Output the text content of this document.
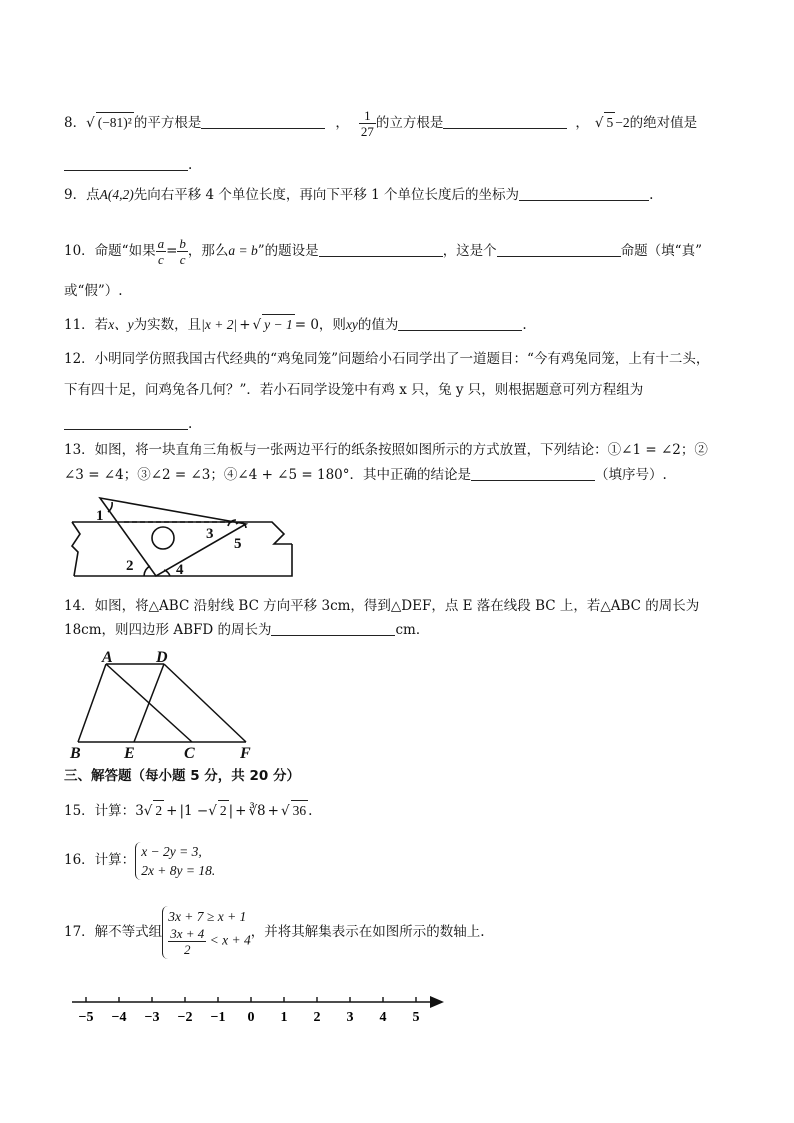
8．√ (−81)² 的平方根是	， $\frac{1}{27}$ 的立方根是	， √ 5 −2的绝对值是
.
9．点A(4,2)先向右平移 4 个单位长度，再向下平移 1 个单位长度后的坐标为	.
10．命题“如果 $\frac{a}{c} = \frac{b}{c}$ ，那么a = b”的题设是	，这是个	命题（填“真”
或“假”）.
11．若x、y为实数，且|x + 2| + √ y − 1 = 0，则xy的值为	.
12．小明同学仿照我国古代经典的“鸡兔同笼”问题给小石同学出了一道题目：“今有鸡兔同笼，上有十二头，
下有四十足，问鸡兔各几何？”．若小石同学设笼中有鸡 x 只，兔 y 只，则根据题意可列方程组为
.
13．如图，将一块直角三角板与一张两边平行的纸条按照如图所示的方式放置，下列结论：①∠1 = ∠2；②
∠3 = ∠4；③∠2 = ∠3；④∠4 + ∠5 = 180°．其中正确的结论是	（填序号）.
1
2
3
4
5
14．如图，将△ABC 沿射线 BC 方向平移 3cm，得到△DEF，点 E 落在线段 BC 上，若△ABC 的周长为
18cm，则四边形 ABFD 的周长为	cm．
A	D
B	E	C	F
三、解答题（每小题 5 分，共 20 分）
15．计算：3√ 2 + |1 −√ 2 | + ∛8 + √ 36 .
16．计算：
x − 2y = 3,
2x + 8y = 18.
17．解不等式组
3x + 7 ≥ x + 1
$\frac{3x + 4}{2} < x + 4$
，并将其解集表示在如图所示的数轴上.
−5 −4 −3 −2 −1 0 1 2 3 4 5
